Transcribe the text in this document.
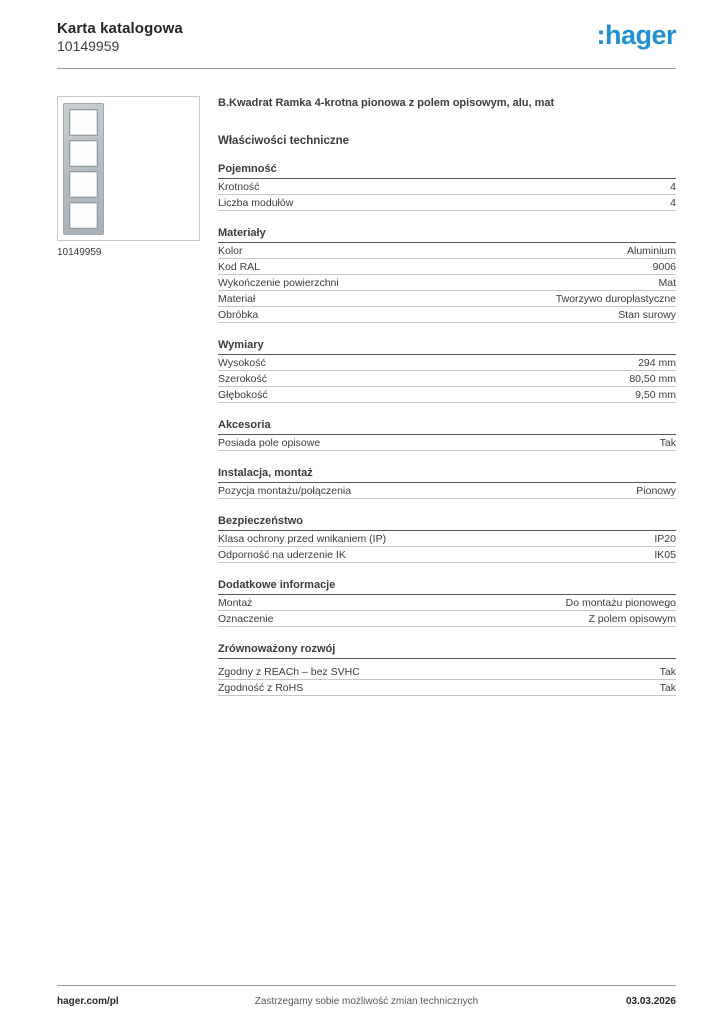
Karta katalogowa
10149959	:hager
10149959
B.Kwadrat Ramka 4-krotna pionowa z polem opisowym, alu, mat
Właściwości techniczne
Pojemność
Krotność	4
Liczba modułów	4
Materiały
Kolor	Aluminium
Kod RAL	9006
Wykończenie powierzchni	Mat
Materiał	Tworzywo duroplastyczne
Obróbka	Stan surowy
Wymiary
Wysokość	294 mm
Szerokość	80,50 mm
Głębokość	9,50 mm
Akcesoria
Posiada pole opisowe	Tak
Instalacja, montaż
Pozycja montażu/połączenia	Pionowy
Bezpieczeństwo
Klasa ochrony przed wnikaniem (IP)	IP20
Odporność na uderzenie IK	IK05
Dodatkowe informacje
Montaż	Do montażu pionowego
Oznaczenie	Z polem opisowym
Zrównoważony rozwój
Zgodny z REACh – bez SVHC	Tak
Zgodność z RoHS	Tak
hager.com/pl	Zastrzegamy sobie możliwość zmian technicznych	03.03.2026
